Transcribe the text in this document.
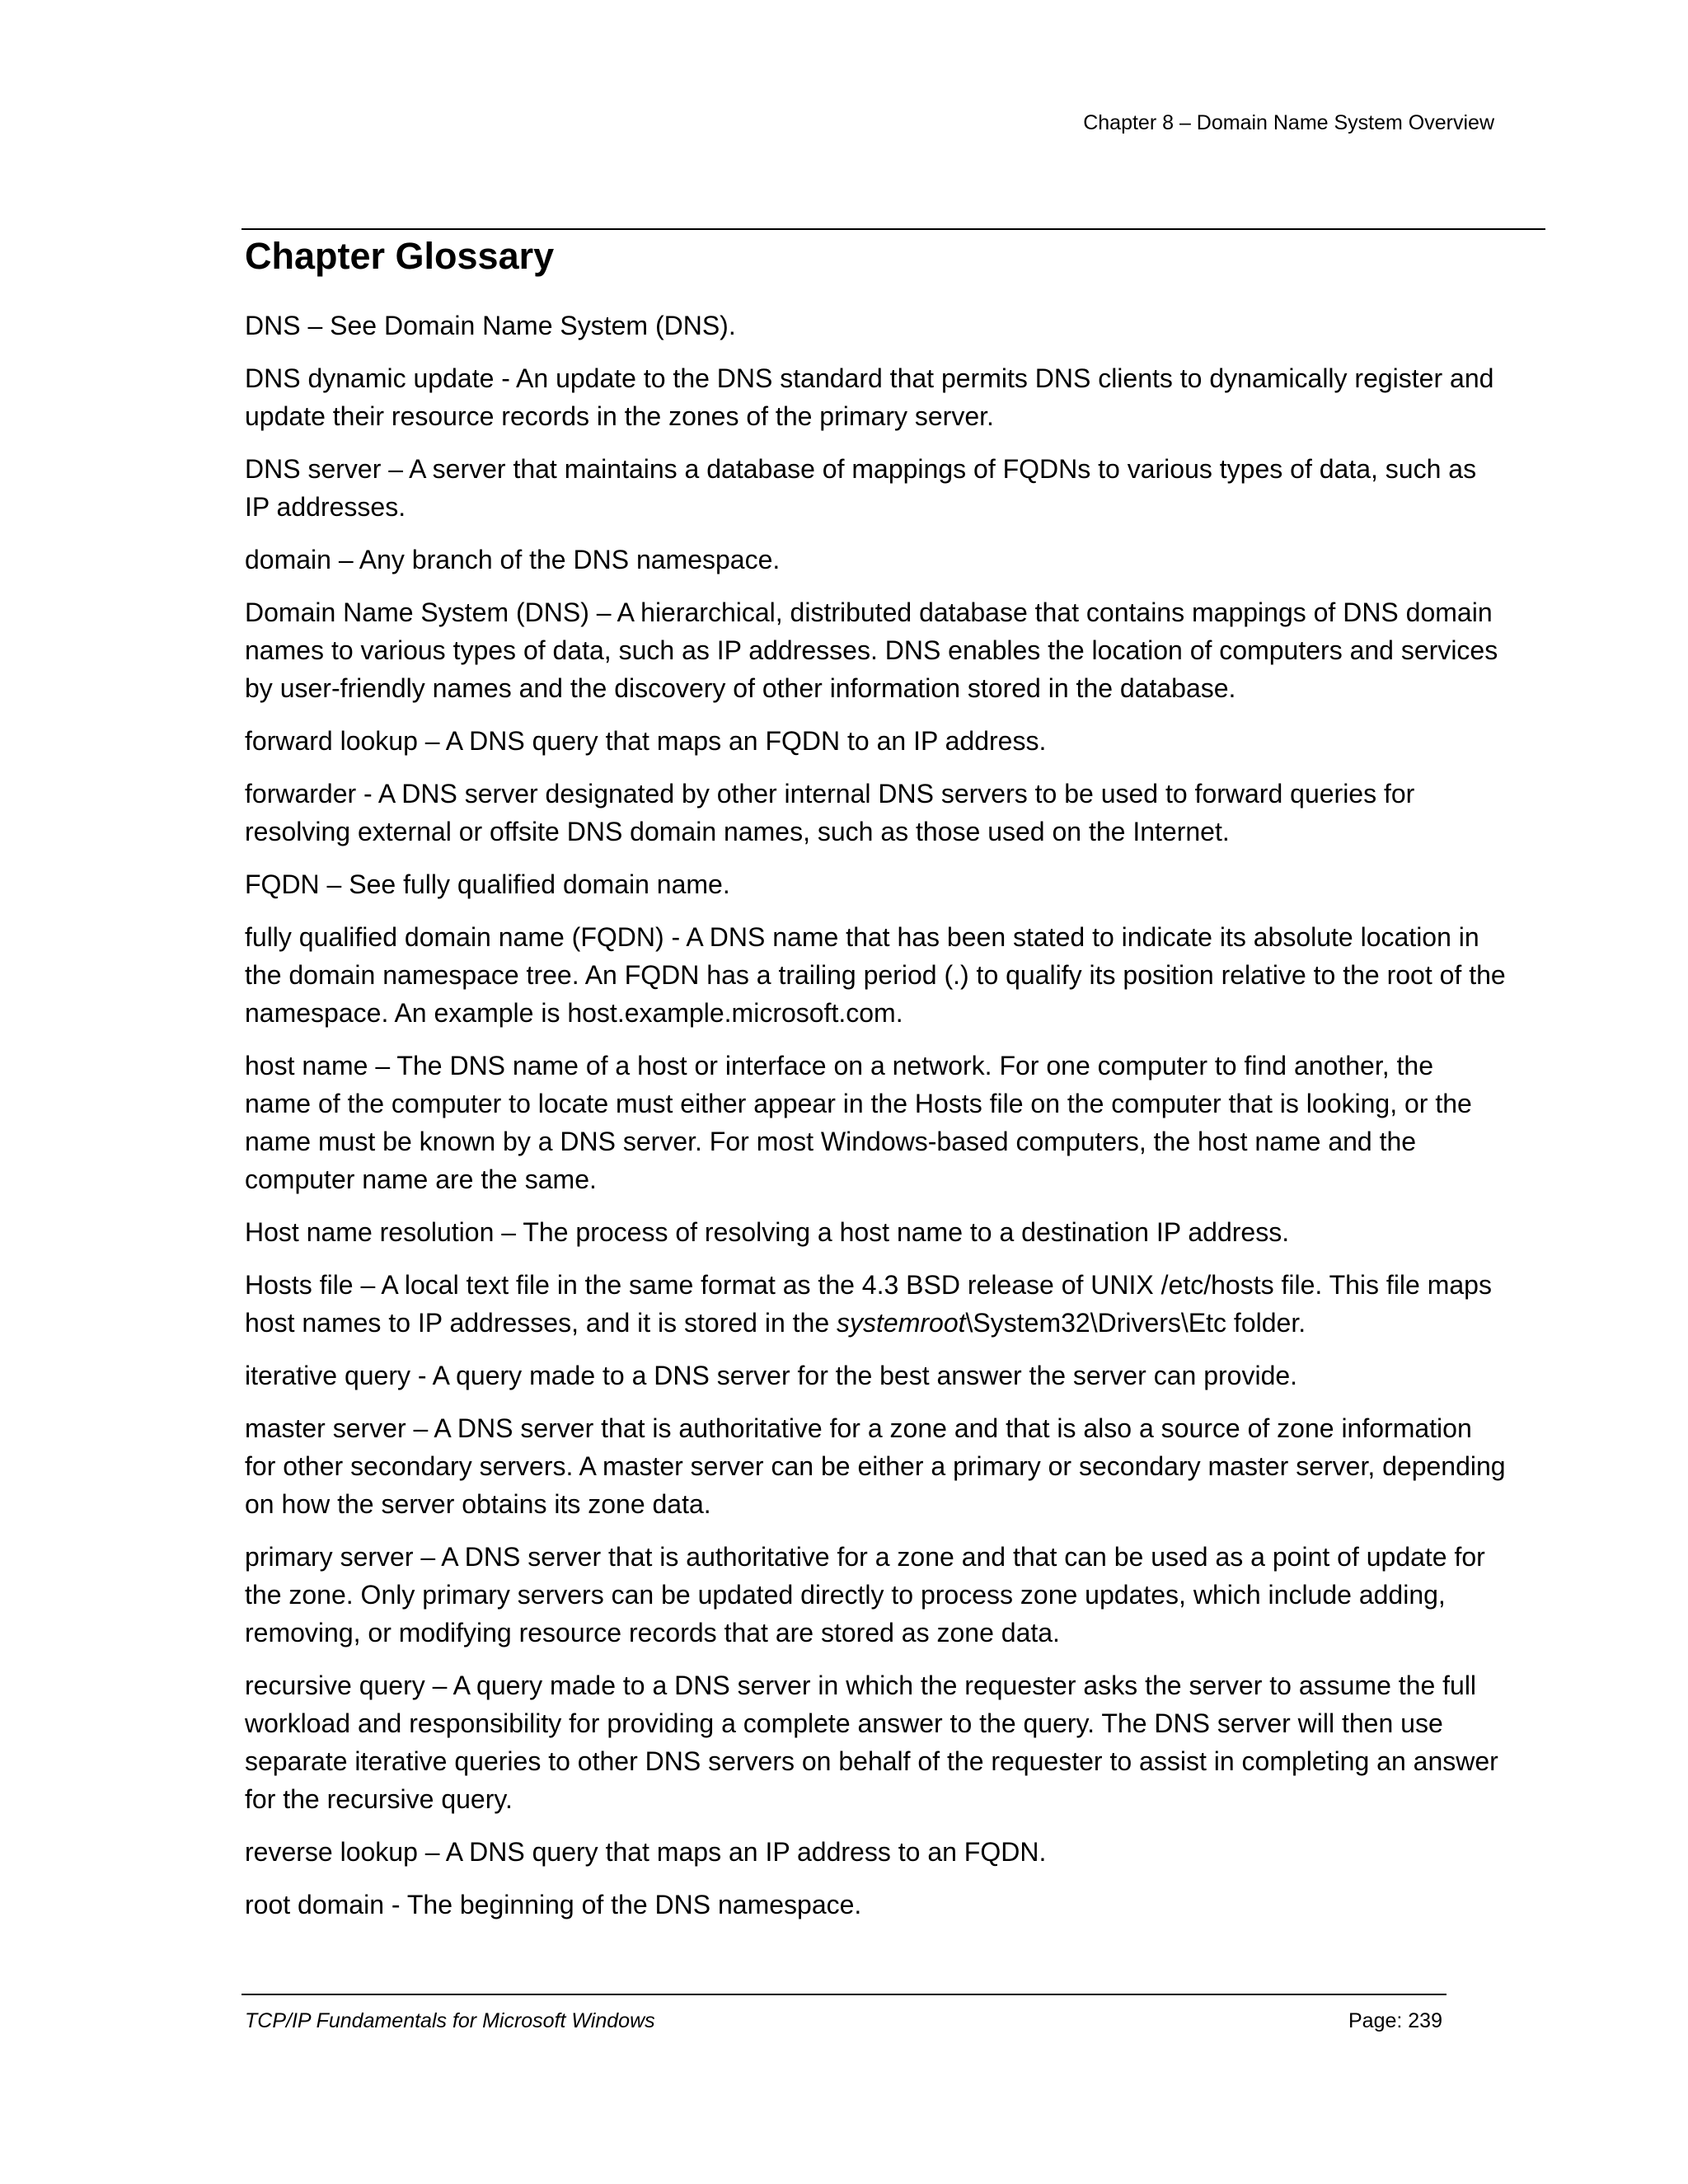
Chapter 8 – Domain Name System Overview
Chapter Glossary

DNS – See Domain Name System (DNS).

DNS dynamic update - An update to the DNS standard that permits DNS clients to dynamically register and update their resource records in the zones of the primary server.

DNS server – A server that maintains a database of mappings of FQDNs to various types of data, such as IP addresses.

domain – Any branch of the DNS namespace.

Domain Name System (DNS) – A hierarchical, distributed database that contains mappings of DNS domain names to various types of data, such as IP addresses. DNS enables the location of computers and services by user-friendly names and the discovery of other information stored in the database.

forward lookup – A DNS query that maps an FQDN to an IP address.

forwarder - A DNS server designated by other internal DNS servers to be used to forward queries for resolving external or offsite DNS domain names, such as those used on the Internet.

FQDN – See fully qualified domain name.

fully qualified domain name (FQDN) - A DNS name that has been stated to indicate its absolute location in the domain namespace tree. An FQDN has a trailing period (.) to qualify its position relative to the root of the namespace. An example is host.example.microsoft.com.

host name – The DNS name of a host or interface on a network. For one computer to find another, the name of the computer to locate must either appear in the Hosts file on the computer that is looking, or the name must be known by a DNS server. For most Windows-based computers, the host name and the computer name are the same.

Host name resolution – The process of resolving a host name to a destination IP address.

Hosts file – A local text file in the same format as the 4.3 BSD release of UNIX /etc/hosts file. This file maps host names to IP addresses, and it is stored in the systemroot\System32\Drivers\Etc folder.

iterative query - A query made to a DNS server for the best answer the server can provide.

master server – A DNS server that is authoritative for a zone and that is also a source of zone information for other secondary servers. A master server can be either a primary or secondary master server, depending on how the server obtains its zone data.

primary server – A DNS server that is authoritative for a zone and that can be used as a point of update for the zone. Only primary servers can be updated directly to process zone updates, which include adding, removing, or modifying resource records that are stored as zone data.

recursive query – A query made to a DNS server in which the requester asks the server to assume the full workload and responsibility for providing a complete answer to the query. The DNS server will then use separate iterative queries to other DNS servers on behalf of the requester to assist in completing an answer for the recursive query.

reverse lookup – A DNS query that maps an IP address to an FQDN.

root domain - The beginning of the DNS namespace.

TCP/IP Fundamentals for Microsoft Windows	Page: 239
